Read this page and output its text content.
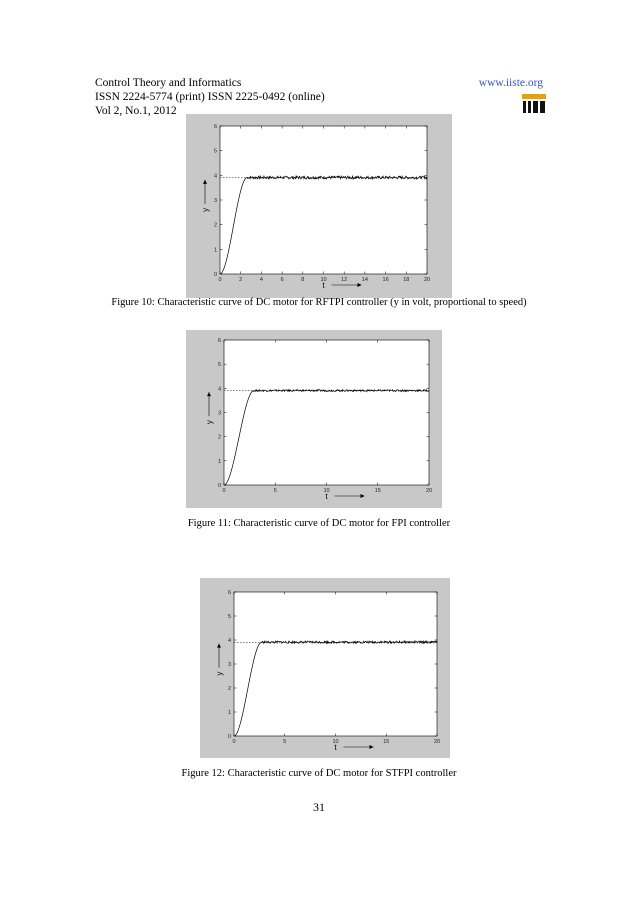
Control Theory and Informatics
ISSN 2224-5774 (print) ISSN 2225-0492 (online)
Vol 2, No.1, 2012
www.iiste.org
0	2	4	6	8	10	12	14	16	18	20
0
1
2
3
4
5
6
t
y
Figure 10: Characteristic curve of DC motor for RFTPI controller (y in volt, proportional to speed)
0	5	10	15	20
0
1
2
3
4
5
6
t
y
Figure 11: Characteristic curve of DC motor for FPI controller
0	5	10	15	20
0
1
2
3
4
5
6
t
y
Figure 12: Characteristic curve of DC motor for STFPI controller
31
